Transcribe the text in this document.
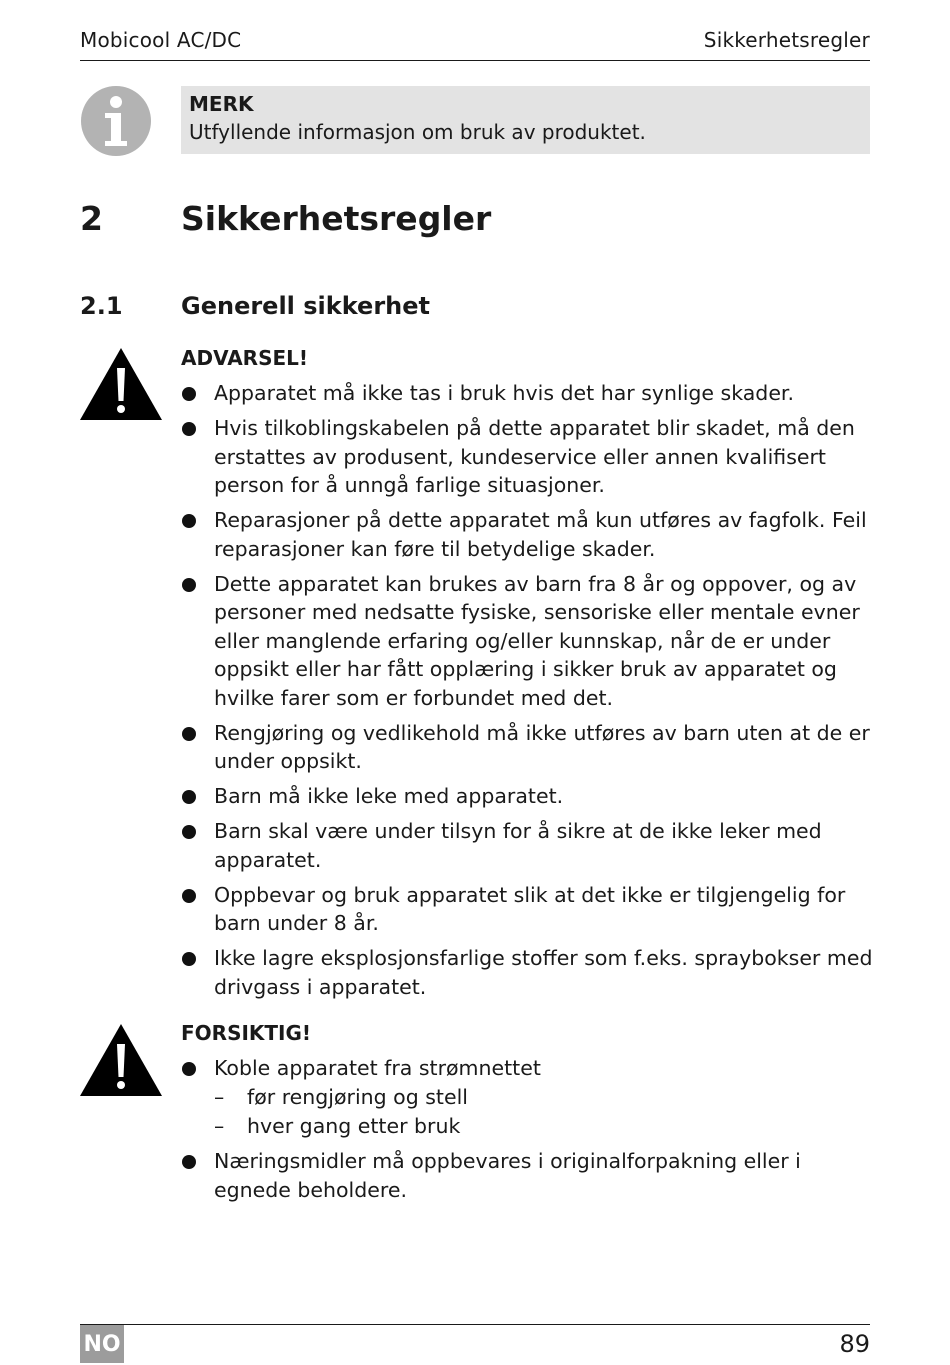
Mobicool AC/DC	Sikkerhetsregler
MERK
Utfyllende informasjon om bruk av produktet.
2 Sikkerhetsregler
2.1 Generell sikkerhet
ADVARSEL!
Apparatet må ikke tas i bruk hvis det har synlige skader.
Hvis tilkoblingskabelen på dette apparatet blir skadet, må den erstattes av produsent, kundeservice eller annen kvalifisert person for å unngå farlige situasjoner.
Reparasjoner på dette apparatet må kun utføres av fagfolk. Feil reparasjoner kan føre til betydelige skader.
Dette apparatet kan brukes av barn fra 8 år og oppover, og av personer med nedsatte fysiske, sensoriske eller mentale evner eller manglende erfaring og/eller kunnskap, når de er under oppsikt eller har fått opplæring i sikker bruk av apparatet og hvilke farer som er forbundet med det.
Rengjøring og vedlikehold må ikke utføres av barn uten at de er under oppsikt.
Barn må ikke leke med apparatet.
Barn skal være under tilsyn for å sikre at de ikke leker med apparatet.
Oppbevar og bruk apparatet slik at det ikke er tilgjengelig for barn under 8 år.
Ikke lagre eksplosjonsfarlige stoffer som f.eks. spraybokser med drivgass i apparatet.
FORSIKTIG!
Koble apparatet fra strømnettet
– før rengjøring og stell
– hver gang etter bruk
Næringsmidler må oppbevares i originalforpakning eller i egnede beholdere.
NO	89
